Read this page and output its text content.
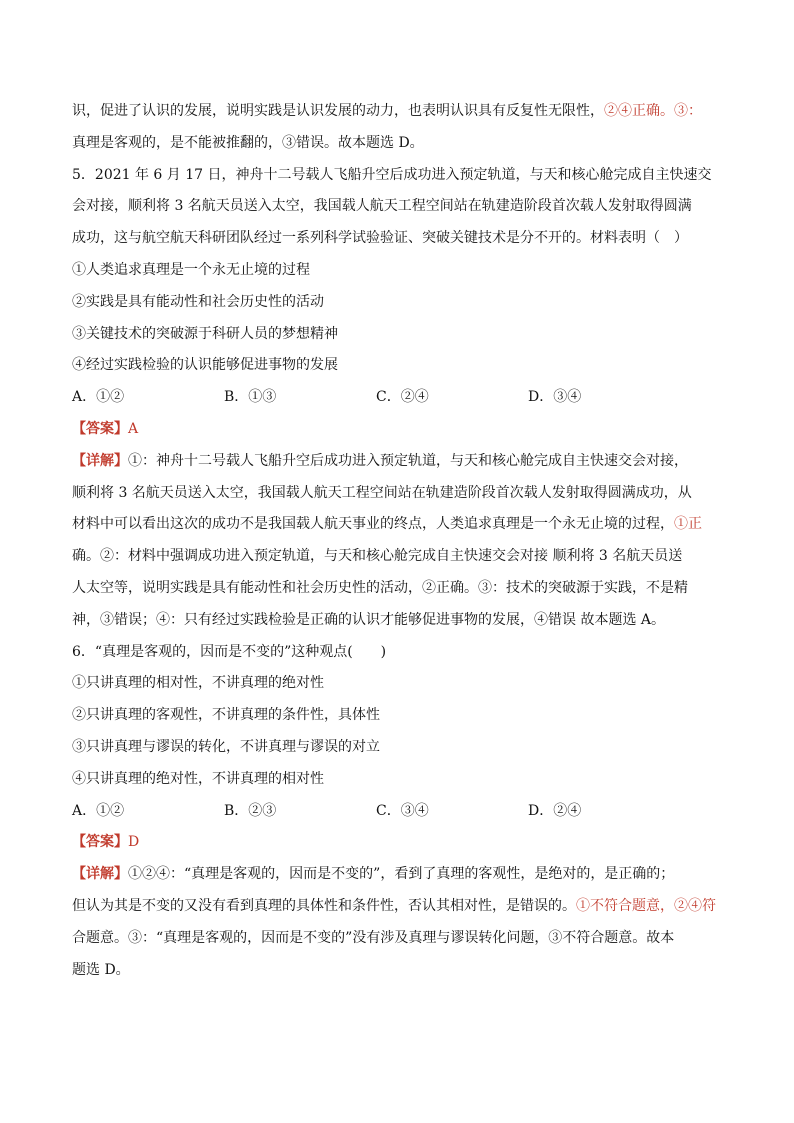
识，促进了认识的发展，说明实践是认识发展的动力，也表明认识具有反复性无限性，②④正确。③：
真理是客观的，是不能被推翻的，③错误。故本题选 D。
5．2021 年 6 月 17 日，神舟十二号载人飞船升空后成功进入预定轨道，与天和核心舱完成自主快速交
会对接，顺利将 3 名航天员送入太空，我国载人航天工程空间站在轨建造阶段首次载人发射取得圆满
成功，这与航空航天科研团队经过一系列科学试验验证、突破关键技术是分不开的。材料表明（　）
①人类追求真理是一个永无止境的过程
②实践是具有能动性和社会历史性的活动
③关键技术的突破源于科研人员的梦想精神
④经过实践检验的认识能够促进事物的发展
A．①②	B．①③	C．②④	D．③④
【答案】A
【详解】①：神舟十二号载人飞船升空后成功进入预定轨道，与天和核心舱完成自主快速交会对接，
顺利将 3 名航天员送入太空，我国载人航天工程空间站在轨建造阶段首次载人发射取得圆满成功，从
材料中可以看出这次的成功不是我国载人航天事业的终点，人类追求真理是一个永无止境的过程，①正
确。②：材料中强调成功进入预定轨道，与天和核心舱完成自主快速交会对接 顺利将 3 名航天员送
人太空等，说明实践是具有能动性和社会历史性的活动，②正确。③：技术的突破源于实践，不是精
神，③错误；④：只有经过实践检验是正确的认识才能够促进事物的发展，④错误 故本题选 A。
6．“真理是客观的，因而是不变的”这种观点(　　)
①只讲真理的相对性，不讲真理的绝对性
②只讲真理的客观性，不讲真理的条件性，具体性
③只讲真理与谬误的转化，不讲真理与谬误的对立
④只讲真理的绝对性，不讲真理的相对性
A．①②	B．②③	C．③④	D．②④
【答案】D
【详解】①②④：“真理是客观的，因而是不变的”，看到了真理的客观性，是绝对的，是正确的；
但认为其是不变的又没有看到真理的具体性和条件性，否认其相对性，是错误的。①不符合题意，②④符
合题意。③：“真理是客观的，因而是不变的”没有涉及真理与谬误转化问题，③不符合题意。故本
题选 D。
